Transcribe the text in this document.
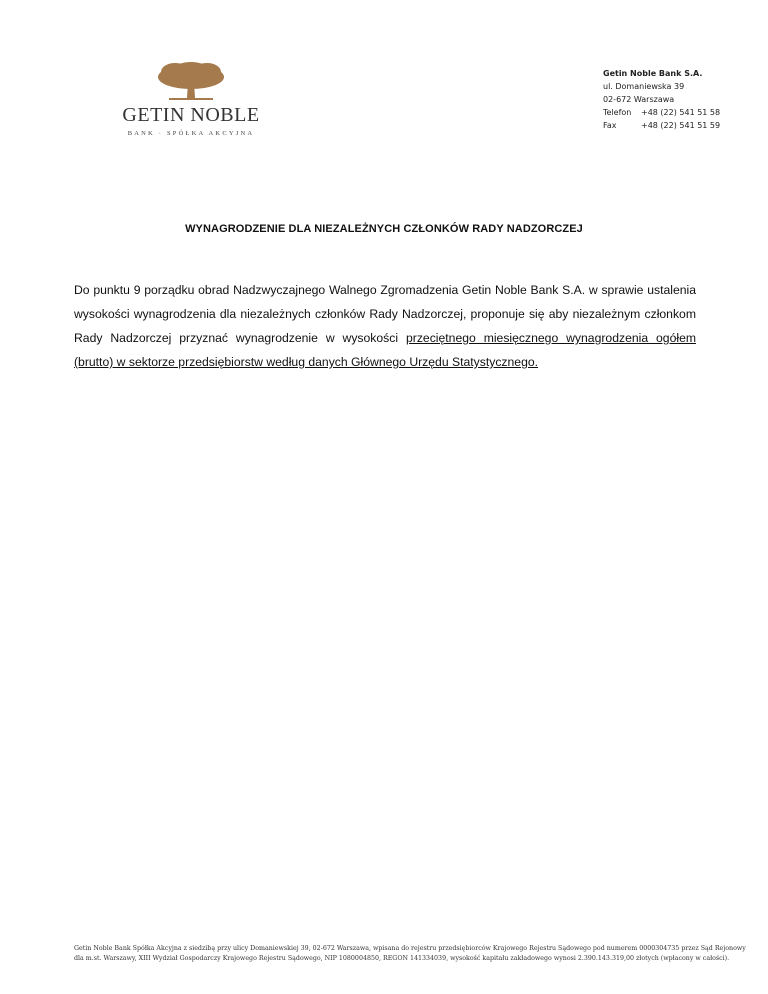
GETIN NOBLE
BANK · SPÓŁKA AKCYJNA
Getin Noble Bank S.A.
ul. Domaniewska 39
02-672 Warszawa
Telefon +48 (22) 541 51 58
Fax	+48 (22) 541 51 59
WYNAGRODZENIE DLA NIEZALEŻNYCH CZŁONKÓW RADY NADZORCZEJ
Do punktu 9 porządku obrad Nadzwyczajnego Walnego Zgromadzenia Getin Noble Bank S.A. w sprawie ustalenia wysokości wynagrodzenia dla niezależnych członków Rady Nadzorczej, proponuje się aby niezależnym członkom Rady Nadzorczej przyznać wynagrodzenie w wysokości przeciętnego miesięcznego wynagrodzenia ogółem (brutto) w sektorze przedsiębiorstw według danych Głównego Urzędu Statystycznego.
Getin Noble Bank Spółka Akcyjna z siedzibą przy ulicy Domaniewskiej 39, 02-672 Warszawa, wpisana do rejestru przedsiębiorców Krajowego Rejestru Sądowego pod numerem 0000304735 przez Sąd Rejonowy
dla m.st. Warszawy, XIII Wydział Gospodarczy Krajowego Rejestru Sądowego, NIP 1080004850, REGON 141334039, wysokość kapitału zakładowego wynosi 2.390.143.319,00 złotych (wpłacony w całości).
